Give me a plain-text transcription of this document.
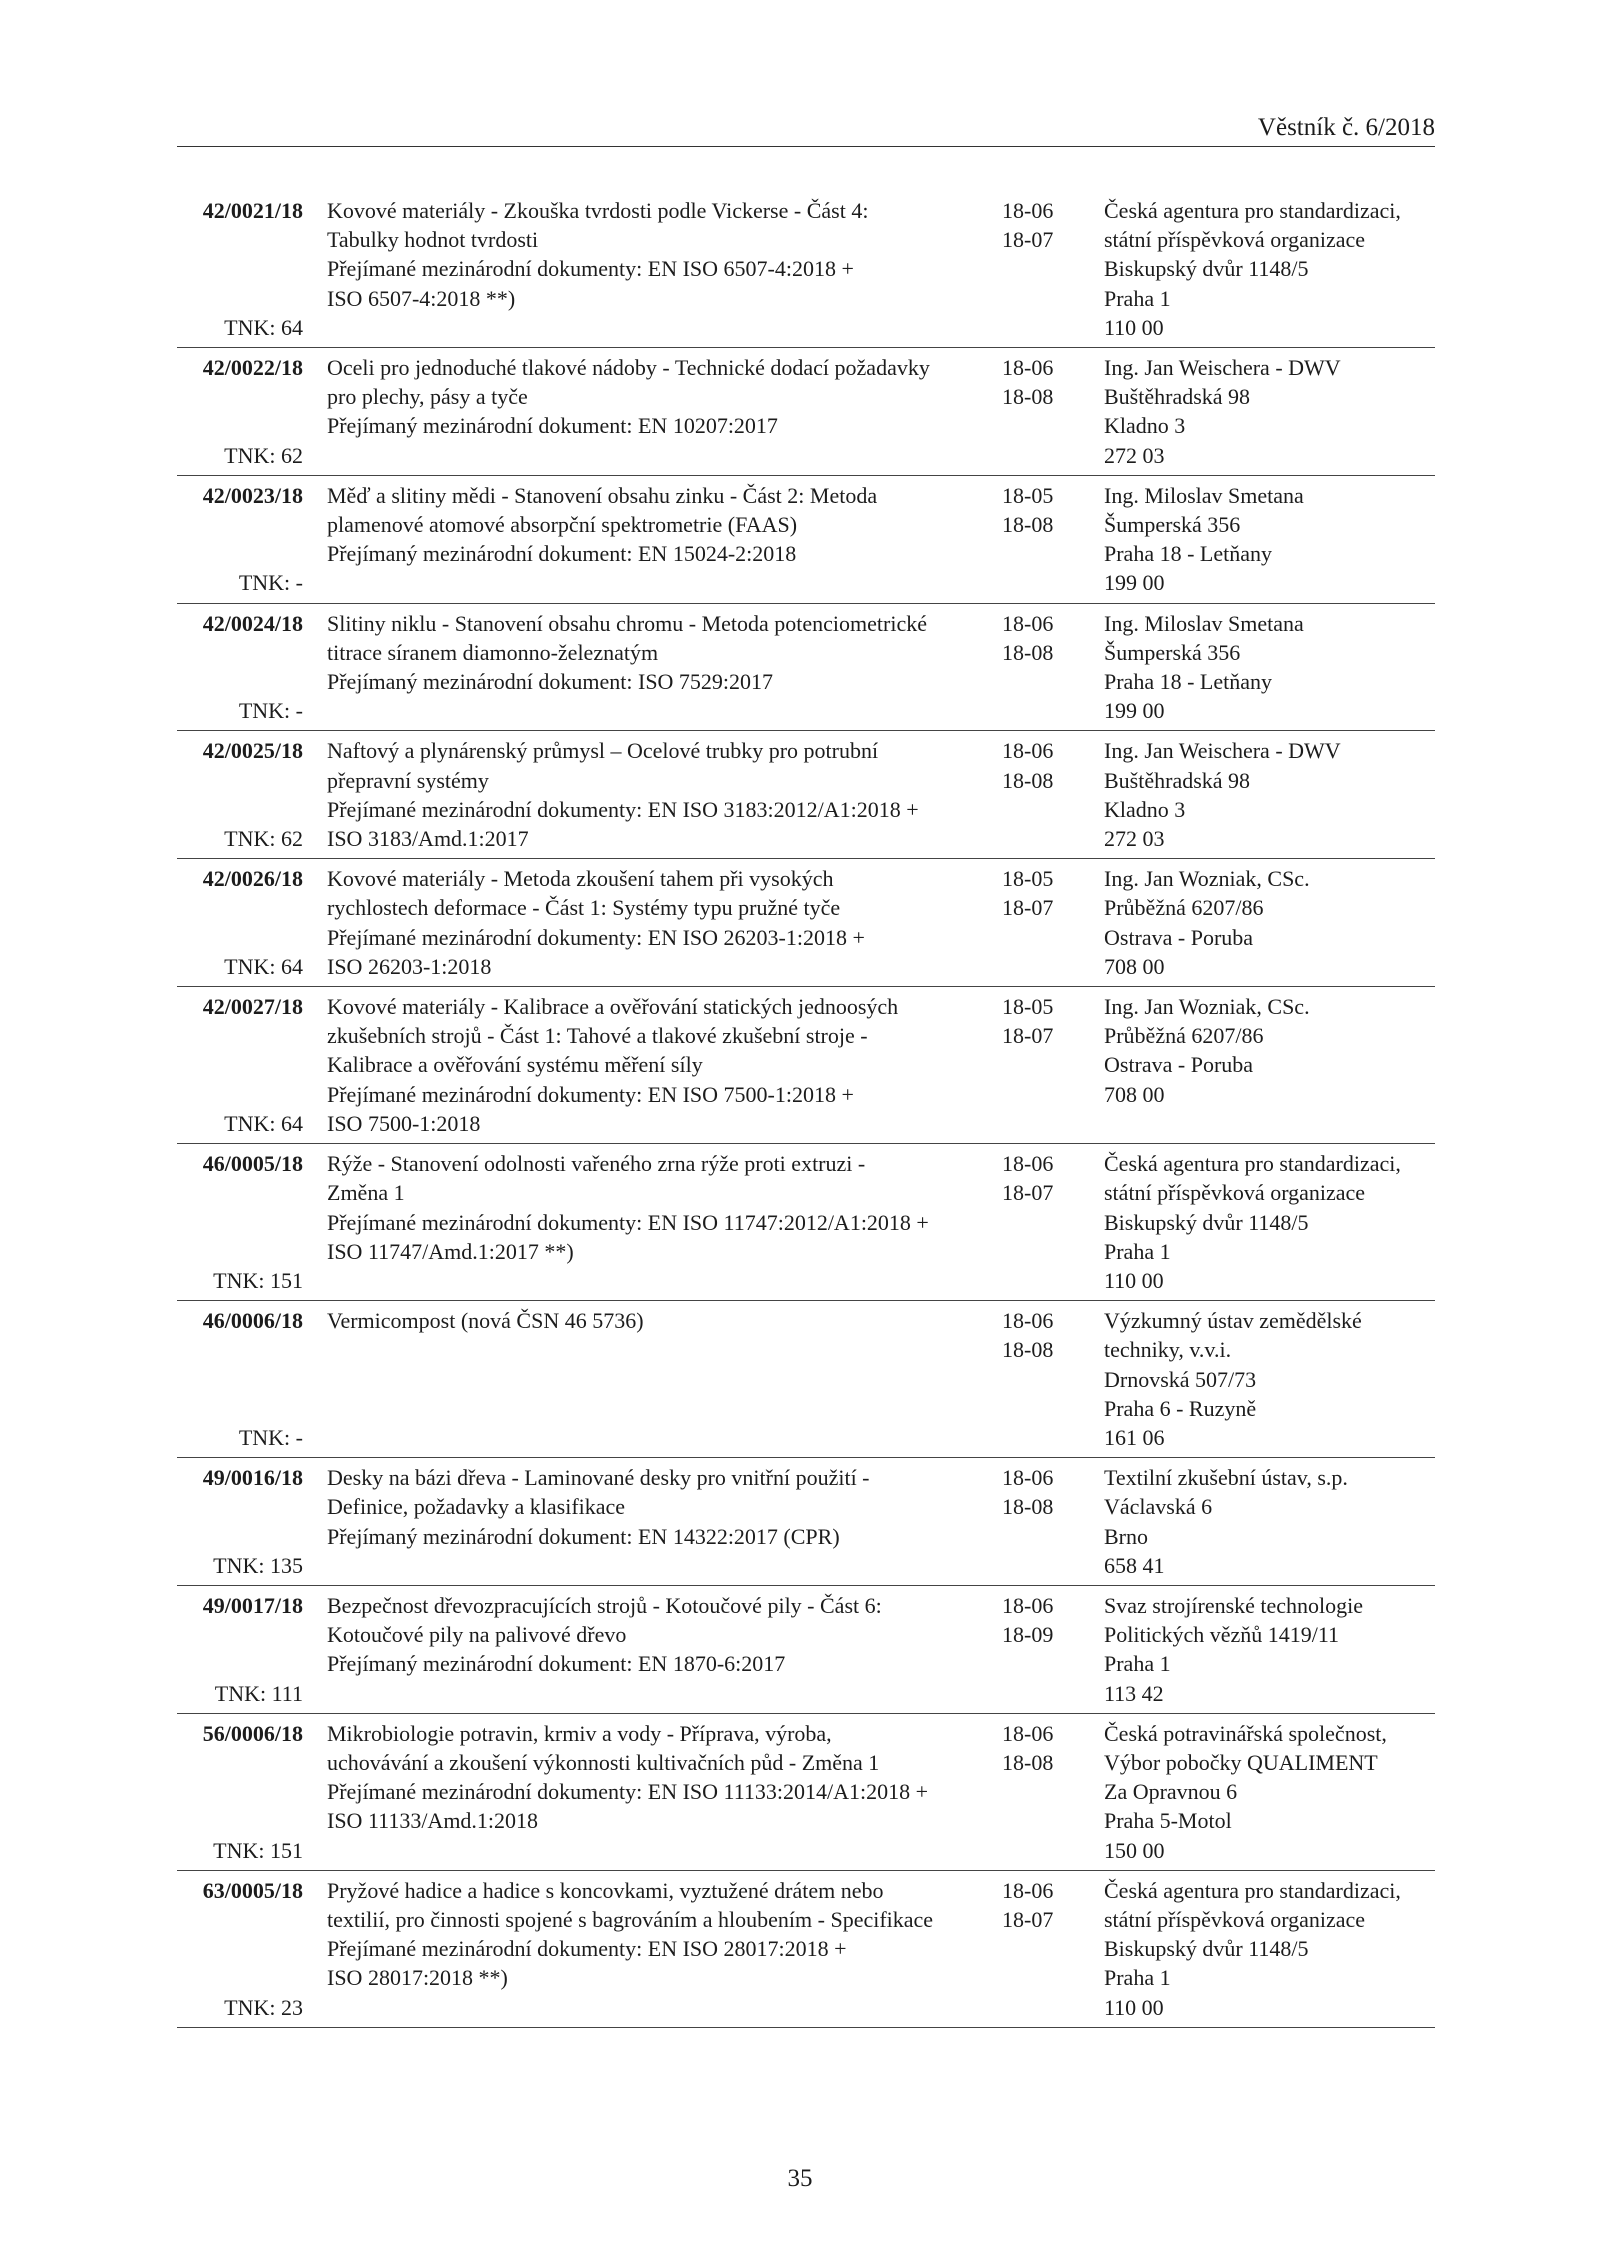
Věstník č. 6/2018
42/0021/18
TNK: 64
Kovové materiály - Zkouška tvrdosti podle Vickerse - Část 4:
Tabulky hodnot tvrdosti
Přejímané mezinárodní dokumenty: EN ISO 6507-4:2018 +
ISO 6507-4:2018 **)
18-06
18-07
Česká agentura pro standardizaci,
státní příspěvková organizace
Biskupský dvůr 1148/5
Praha 1
110 00
42/0022/18
TNK: 62
Oceli pro jednoduché tlakové nádoby - Technické dodací požadavky
pro plechy, pásy a tyče
Přejímaný mezinárodní dokument: EN 10207:2017
18-06
18-08
Ing. Jan Weischera - DWV
Buštěhradská 98
Kladno 3
272 03
42/0023/18
TNK: -
Měď a slitiny mědi - Stanovení obsahu zinku - Část 2: Metoda
plamenové atomové absorpční spektrometrie (FAAS)
Přejímaný mezinárodní dokument: EN 15024-2:2018
18-05
18-08
Ing. Miloslav Smetana
Šumperská 356
Praha 18 - Letňany
199 00
42/0024/18
TNK: -
Slitiny niklu - Stanovení obsahu chromu - Metoda potenciometrické
titrace síranem diamonno-železnatým
Přejímaný mezinárodní dokument: ISO 7529:2017
18-06
18-08
Ing. Miloslav Smetana
Šumperská 356
Praha 18 - Letňany
199 00
42/0025/18
TNK: 62
Naftový a plynárenský průmysl – Ocelové trubky pro potrubní
přepravní systémy
Přejímané mezinárodní dokumenty: EN ISO 3183:2012/A1:2018 +
ISO 3183/Amd.1:2017
18-06
18-08
Ing. Jan Weischera - DWV
Buštěhradská 98
Kladno 3
272 03
42/0026/18
TNK: 64
Kovové materiály - Metoda zkoušení tahem při vysokých
rychlostech deformace - Část 1: Systémy typu pružné tyče
Přejímané mezinárodní dokumenty: EN ISO 26203-1:2018 +
ISO 26203-1:2018
18-05
18-07
Ing. Jan Wozniak, CSc.
Průběžná 6207/86
Ostrava - Poruba
708 00
42/0027/18
TNK: 64
Kovové materiály - Kalibrace a ověřování statických jednoosých
zkušebních strojů - Část 1: Tahové a tlakové zkušební stroje -
Kalibrace a ověřování systému měření síly
Přejímané mezinárodní dokumenty: EN ISO 7500-1:2018 +
ISO 7500-1:2018
18-05
18-07
Ing. Jan Wozniak, CSc.
Průběžná 6207/86
Ostrava - Poruba
708 00
46/0005/18
TNK: 151
Rýže - Stanovení odolnosti vařeného zrna rýže proti extruzi -
Změna 1
Přejímané mezinárodní dokumenty: EN ISO 11747:2012/A1:2018 +
ISO 11747/Amd.1:2017 **)
18-06
18-07
Česká agentura pro standardizaci,
státní příspěvková organizace
Biskupský dvůr 1148/5
Praha 1
110 00
46/0006/18
TNK: -
Vermicompost (nová ČSN 46 5736)	18-06
18-08
Výzkumný ústav zemědělské
techniky, v.v.i.
Drnovská 507/73
Praha 6 - Ruzyně
161 06
49/0016/18
TNK: 135
Desky na bázi dřeva - Laminované desky pro vnitřní použití -
Definice, požadavky a klasifikace
Přejímaný mezinárodní dokument: EN 14322:2017 (CPR)
18-06
18-08
Textilní zkušební ústav, s.p.
Václavská 6
Brno
658 41
49/0017/18
TNK: 111
Bezpečnost dřevozpracujících strojů - Kotoučové pily - Část 6:
Kotoučové pily na palivové dřevo
Přejímaný mezinárodní dokument: EN 1870-6:2017
18-06
18-09
Svaz strojírenské technologie
Politických vězňů 1419/11
Praha 1
113 42
56/0006/18
TNK: 151
Mikrobiologie potravin, krmiv a vody - Příprava, výroba,
uchovávání a zkoušení výkonnosti kultivačních půd - Změna 1
Přejímané mezinárodní dokumenty: EN ISO 11133:2014/A1:2018 +
ISO 11133/Amd.1:2018
18-06
18-08
Česká potravinářská společnost,
Výbor pobočky QUALIMENT
Za Opravnou 6
Praha 5-Motol
150 00
63/0005/18
TNK: 23
Pryžové hadice a hadice s koncovkami, vyztužené drátem nebo
textilií, pro činnosti spojené s bagrováním a hloubením - Specifikace
Přejímané mezinárodní dokumenty: EN ISO 28017:2018 +
ISO 28017:2018 **)
18-06
18-07
Česká agentura pro standardizaci,
státní příspěvková organizace
Biskupský dvůr 1148/5
Praha 1
110 00
35
